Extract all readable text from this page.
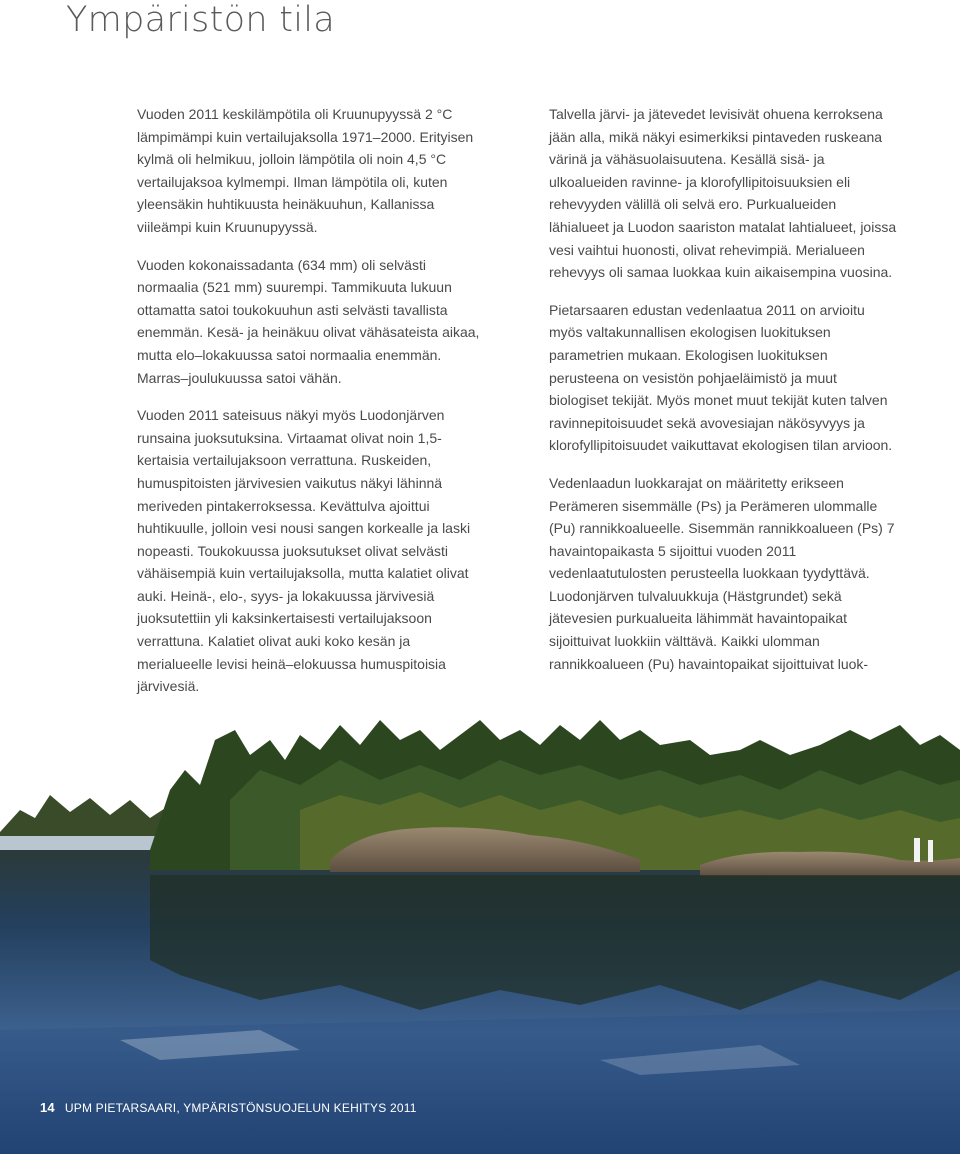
Ympäristön tila

Vuoden 2011 keskilämpötila oli Kruunupyyssä 2 °C lämpimämpi kuin vertailujaksolla 1971–2000. Erityisen kylmä oli helmikuu, jolloin lämpötila oli noin 4,5 °C vertailujaksoa kylmempi. Ilman lämpötila oli, kuten yleensäkin huhtikuusta heinäkuuhun, Kallanissa viileämpi kuin Kruunupyyssä.

Vuoden kokonaissadanta (634 mm) oli selvästi normaalia (521 mm) suurempi. Tammikuuta lukuun ottamatta satoi toukokuuhun asti selvästi tavallista enemmän. Kesä- ja heinäkuu olivat vähäsateista aikaa, mutta elo–lokakuussa satoi normaalia enemmän. Marras–joulukuussa satoi vähän.

Vuoden 2011 sateisuus näkyi myös Luodonjärven runsaina juoksutuksina. Virtaamat olivat noin 1,5-kertaisia vertailujaksoon verrattuna. Ruskeiden, humuspitoisten järvivesien vaikutus näkyi lähinnä meriveden pintakerroksessa. Kevättulva ajoittui huhtikuulle, jolloin vesi nousi sangen korkealle ja laski nopeasti. Toukokuussa juoksutukset olivat selvästi vähäisempiä kuin vertailujaksolla, mutta kalatiet olivat auki. Heinä-, elo-, syys- ja lokakuussa järvivesiä juoksutettiin yli kaksinkertaisesti vertailujaksoon verrattuna. Kalatiet olivat auki koko kesän ja merialueelle levisi heinä–elokuussa humuspitoisia järvivesiä.

Talvella järvi- ja jätevedet levisivät ohuena kerroksena jään alla, mikä näkyi esimerkiksi pintaveden ruskeana värinä ja vähäsuolaisuutena. Kesällä sisä- ja ulkoalueiden ravinne- ja klorofyllipitoisuuksien eli rehevyyden välillä oli selvä ero. Purkualueiden lähialueet ja Luodon saariston matalat lahtialueet, joissa vesi vaihtui huonosti, olivat rehevimpiä. Merialueen rehevyys oli samaa luokkaa kuin aikaisempina vuosina.

Pietarsaaren edustan vedenlaatua 2011 on arvioitu myös valtakunnallisen ekologisen luokituksen parametrien mukaan. Ekologisen luokituksen perusteena on vesistön pohjaeläimistö ja muut biologiset tekijät. Myös monet muut tekijät kuten talven ravinnepitoisuudet sekä avovesiajan näkösyvyys ja klorofyllipitoisuudet vaikuttavat ekologisen tilan arvioon.

Vedenlaadun luokkarajat on määritetty erikseen Perämeren sisemmälle (Ps) ja Perämeren ulommalle (Pu) rannikkoalueelle. Sisemmän rannikkoalueen (Ps) 7 havaintopaikasta 5 sijoittui vuoden 2011 vedenlaatutulosten perusteella luokkaan tyydyttävä. Luodonjärven tulvaluukkuja (Hästgrundet) sekä jätevesien purkualueita lähimmät havaintopaikat sijoittuivat luokkiin välttävä. Kaikki ulomman rannikkoalueen (Pu) havaintopaikat sijoittuivat luok-

14 UPM PIETARSAARI, YMPÄRISTÖNSUOJELUN KEHITYS 2011
